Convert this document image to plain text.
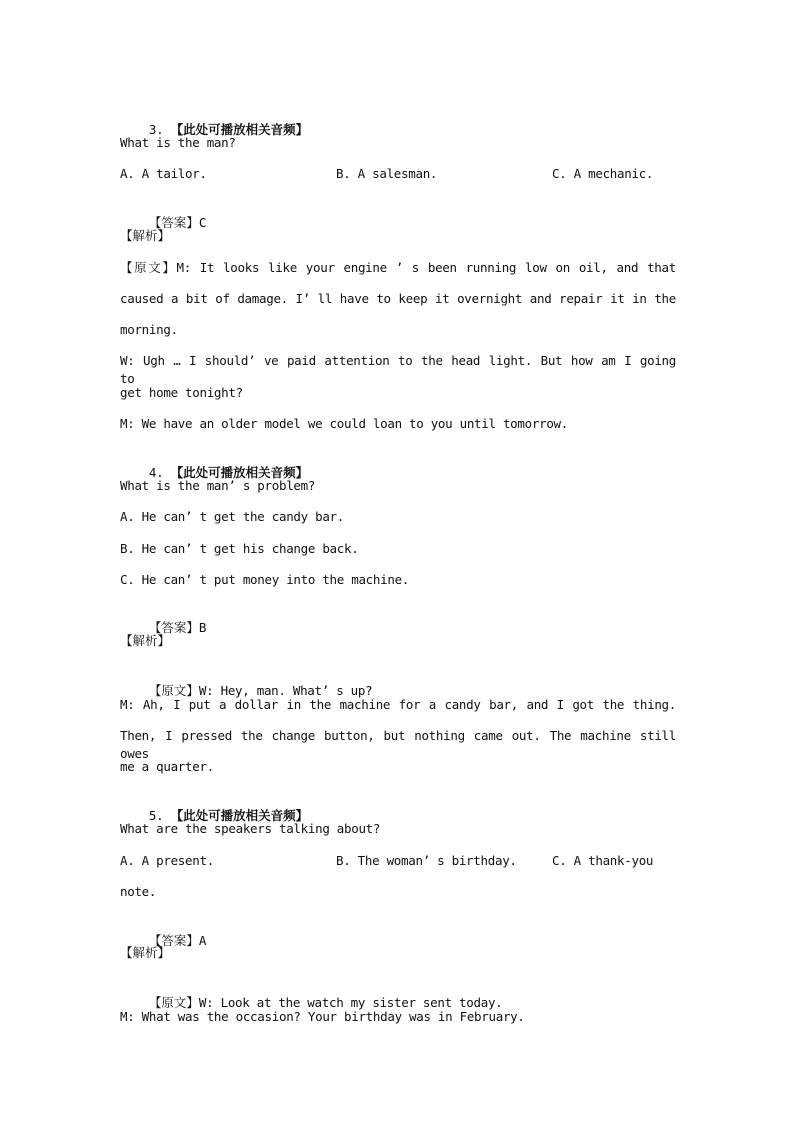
3. 【此处可播放相关音频】

What is the man?
A. A tailor.	B. A salesman.	C. A mechanic.

【答案】C

【解析】
【原文】M: It looks like your engine ’ s been running low on oil, and that
caused a bit of damage. I’ ll have to keep it overnight and repair it in the
morning.
W: Ugh … I should’ ve paid attention to the head light. But how am I going to
get home tonight?
M: We have an older model we could loan to you until tomorrow.

4. 【此处可播放相关音频】

What is the man’ s problem?
A. He can’ t get the candy bar.
B. He can’ t get his change back.
C. He can’ t put money into the machine.

【答案】B

【解析】

【原文】W: Hey, man. What’ s up?

M: Ah, I put a dollar in the machine for a candy bar, and I got the thing.
Then, I pressed the change button, but nothing came out. The machine still owes
me a quarter.

5. 【此处可播放相关音频】

What are the speakers talking about?
A. A present.	B. The woman’ s birthday.	C. A thank-you
note.

【答案】A

【解析】

【原文】W: Look at the watch my sister sent today.

M: What was the occasion? Your birthday was in February.
